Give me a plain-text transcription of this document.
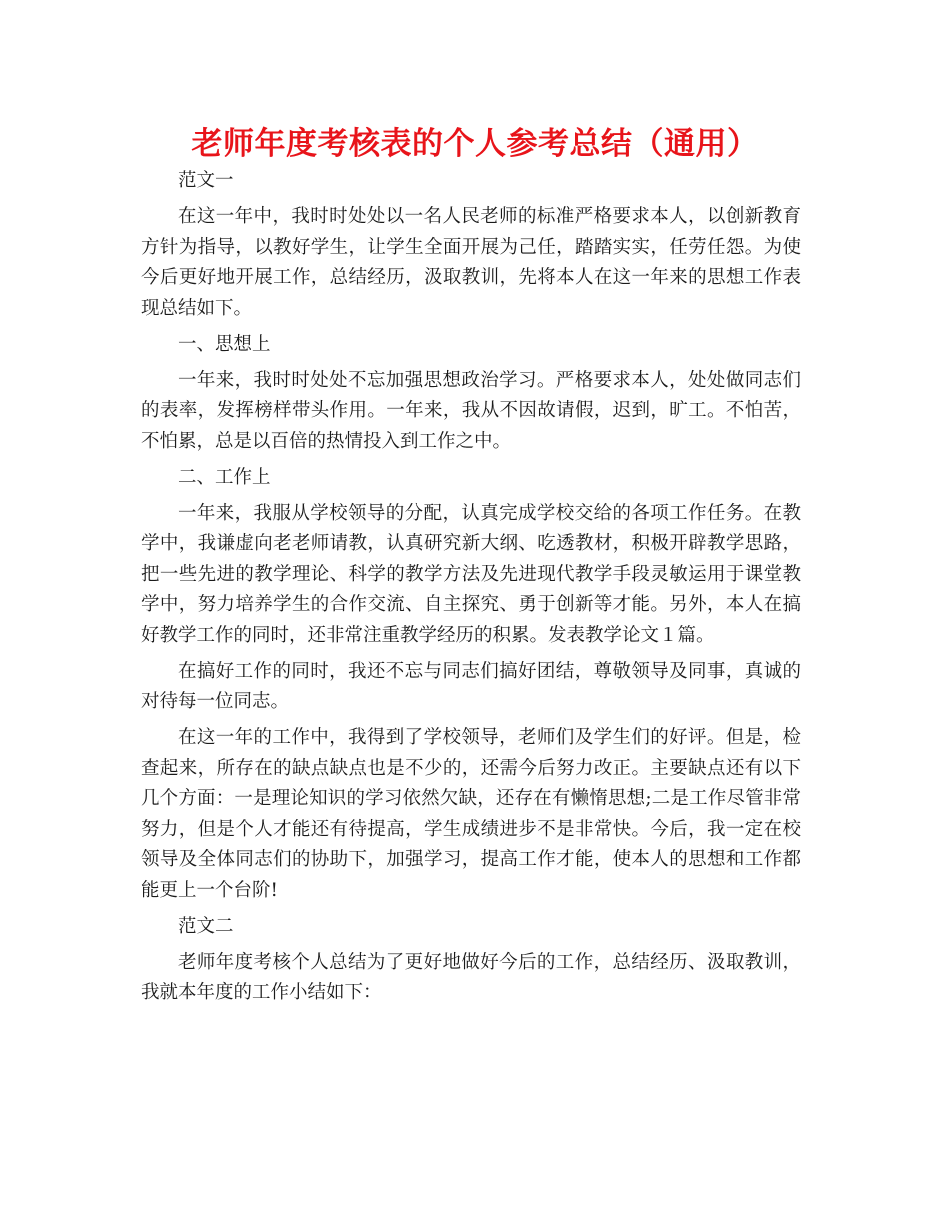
老师年度考核表的个人参考总结（通用）

范文一

在这一年中，我时时处处以一名人民老师的标准严格要求本人，以创新教育方针为指导，以教好学生，让学生全面开展为己任，踏踏实实，任劳任怨。为使今后更好地开展工作，总结经历，汲取教训，先将本人在这一年来的思想工作表现总结如下。

一、思想上

一年来，我时时处处不忘加强思想政治学习。严格要求本人，处处做同志们的表率，发挥榜样带头作用。一年来，我从不因故请假，迟到，旷工。不怕苦，不怕累，总是以百倍的热情投入到工作之中。

二、工作上

一年来，我服从学校领导的分配，认真完成学校交给的各项工作任务。在教学中，我谦虚向老老师请教，认真研究新大纲、吃透教材，积极开辟教学思路，把一些先进的教学理论、科学的教学方法及先进现代教学手段灵敏运用于课堂教学中，努力培养学生的合作交流、自主探究、勇于创新等才能。另外，本人在搞好教学工作的同时，还非常注重教学经历的积累。发表教学论文１篇。

在搞好工作的同时，我还不忘与同志们搞好团结，尊敬领导及同事，真诚的对待每一位同志。

在这一年的工作中，我得到了学校领导，老师们及学生们的好评。但是，检查起来，所存在的缺点缺点也是不少的，还需今后努力改正。主要缺点还有以下几个方面：一是理论知识的学习依然欠缺，还存在有懒惰思想;二是工作尽管非常努力，但是个人才能还有待提高，学生成绩进步不是非常快。今后，我一定在校领导及全体同志们的协助下，加强学习，提高工作才能，使本人的思想和工作都能更上一个台阶!

范文二

老师年度考核个人总结为了更好地做好今后的工作，总结经历、汲取教训，我就本年度的工作小结如下：
